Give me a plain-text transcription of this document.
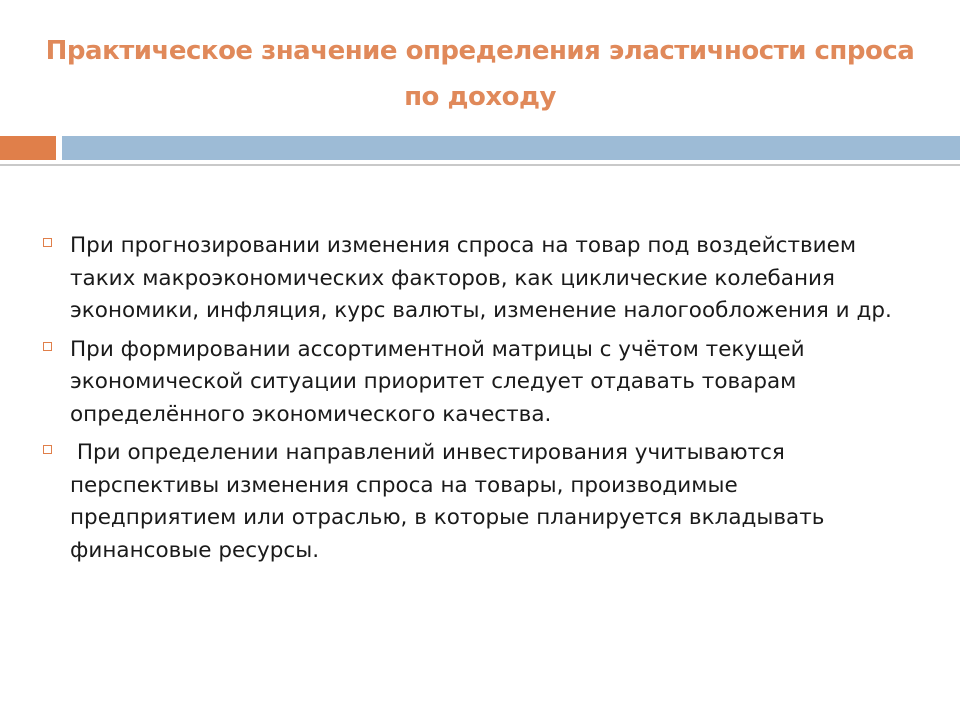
Практическое значение определения эластичности спроса по доходу
При прогнозировании изменения спроса на товар под воздействием таких макроэкономических факторов, как циклические колебания экономики, инфляция, курс валюты, изменение налогообложения и др.
При формировании ассортиментной матрицы с учётом текущей экономической ситуации приоритет следует отдавать товарам определённого экономического качества.
При определении направлений инвестирования учитываются перспективы изменения спроса на товары, производимые предприятием или отраслью, в которые планируется вкладывать финансовые ресурсы.
